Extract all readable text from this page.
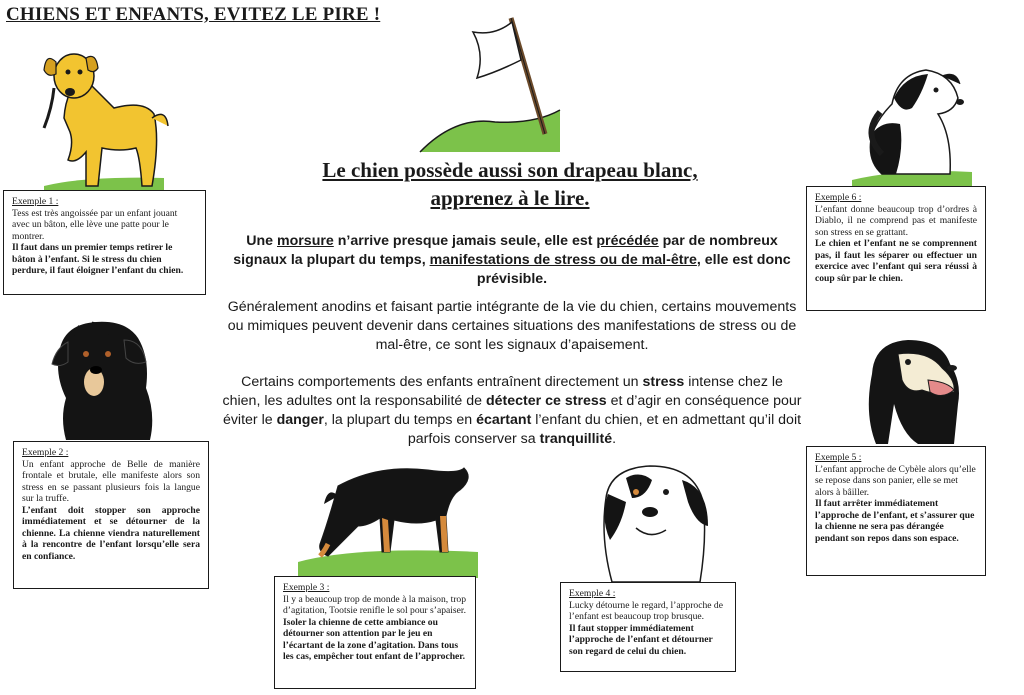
CHIENS ET ENFANTS, EVITEZ LE PIRE !
Le chien possède aussi son drapeau blanc,
apprenez à le lire.
Une morsure n’arrive presque jamais seule, elle est précédée par de nombreux signaux la plupart du temps, manifestations de stress ou de mal-être, elle est donc prévisible.
Généralement anodins et faisant partie intégrante de la vie du chien, certains mouvements ou mimiques peuvent devenir dans certaines situations des manifestations de stress ou de mal-être, ce sont les signaux d’apaisement.
Certains comportements des enfants entraînent directement un stress intense chez le chien, les adultes ont la responsabilité de détecter ce stress et d’agir en conséquence pour éviter le danger, la plupart du temps en écartant l’enfant du chien, et en admettant qu’il doit parfois conserver sa tranquillité.
Exemple 1 :
Tess est très angoissée par un enfant jouant avec un bâton, elle lève une patte pour le montrer.
Il faut dans un premier temps retirer le bâton à l’enfant. Si le stress du chien perdure, il faut éloigner l’enfant du chien.
Exemple 2 :
Un enfant approche de Belle de manière frontale et brutale, elle manifeste alors son stress en se passant plusieurs fois la langue sur la truffe.
L’enfant doit stopper son approche immédiatement et se détourner de la chienne. La chienne viendra naturellement à la rencontre de l’enfant lorsqu’elle sera en confiance.
Exemple 3 :
Il y a beaucoup trop de monde à la maison, trop d’agitation, Tootsie renifle le sol pour s’apaiser.
Isoler la chienne de cette ambiance ou détourner son attention par le jeu en l’écartant de la zone d’agitation. Dans tous les cas, empêcher tout enfant de l’approcher.
Exemple 4 :
Lucky détourne le regard, l’approche de l’enfant est beaucoup trop brusque.
Il faut stopper immédiatement l’approche de l’enfant et détourner son regard de celui du chien.
Exemple 5 :
L’enfant approche de Cybèle alors qu’elle se repose dans son panier, elle se met alors à bâiller.
Il faut arrêter immédiatement l’approche de l’enfant, et s’assurer que la chienne ne sera pas dérangée pendant son repos dans son espace.
Exemple 6 :
L’enfant donne beaucoup trop d’ordres à Diablo, il ne comprend pas et manifeste son stress en se grattant.
Le chien et l’enfant ne se comprennent pas, il faut les séparer ou effectuer un exercice avec l’enfant qui sera réussi à coup sûr par le chien.
